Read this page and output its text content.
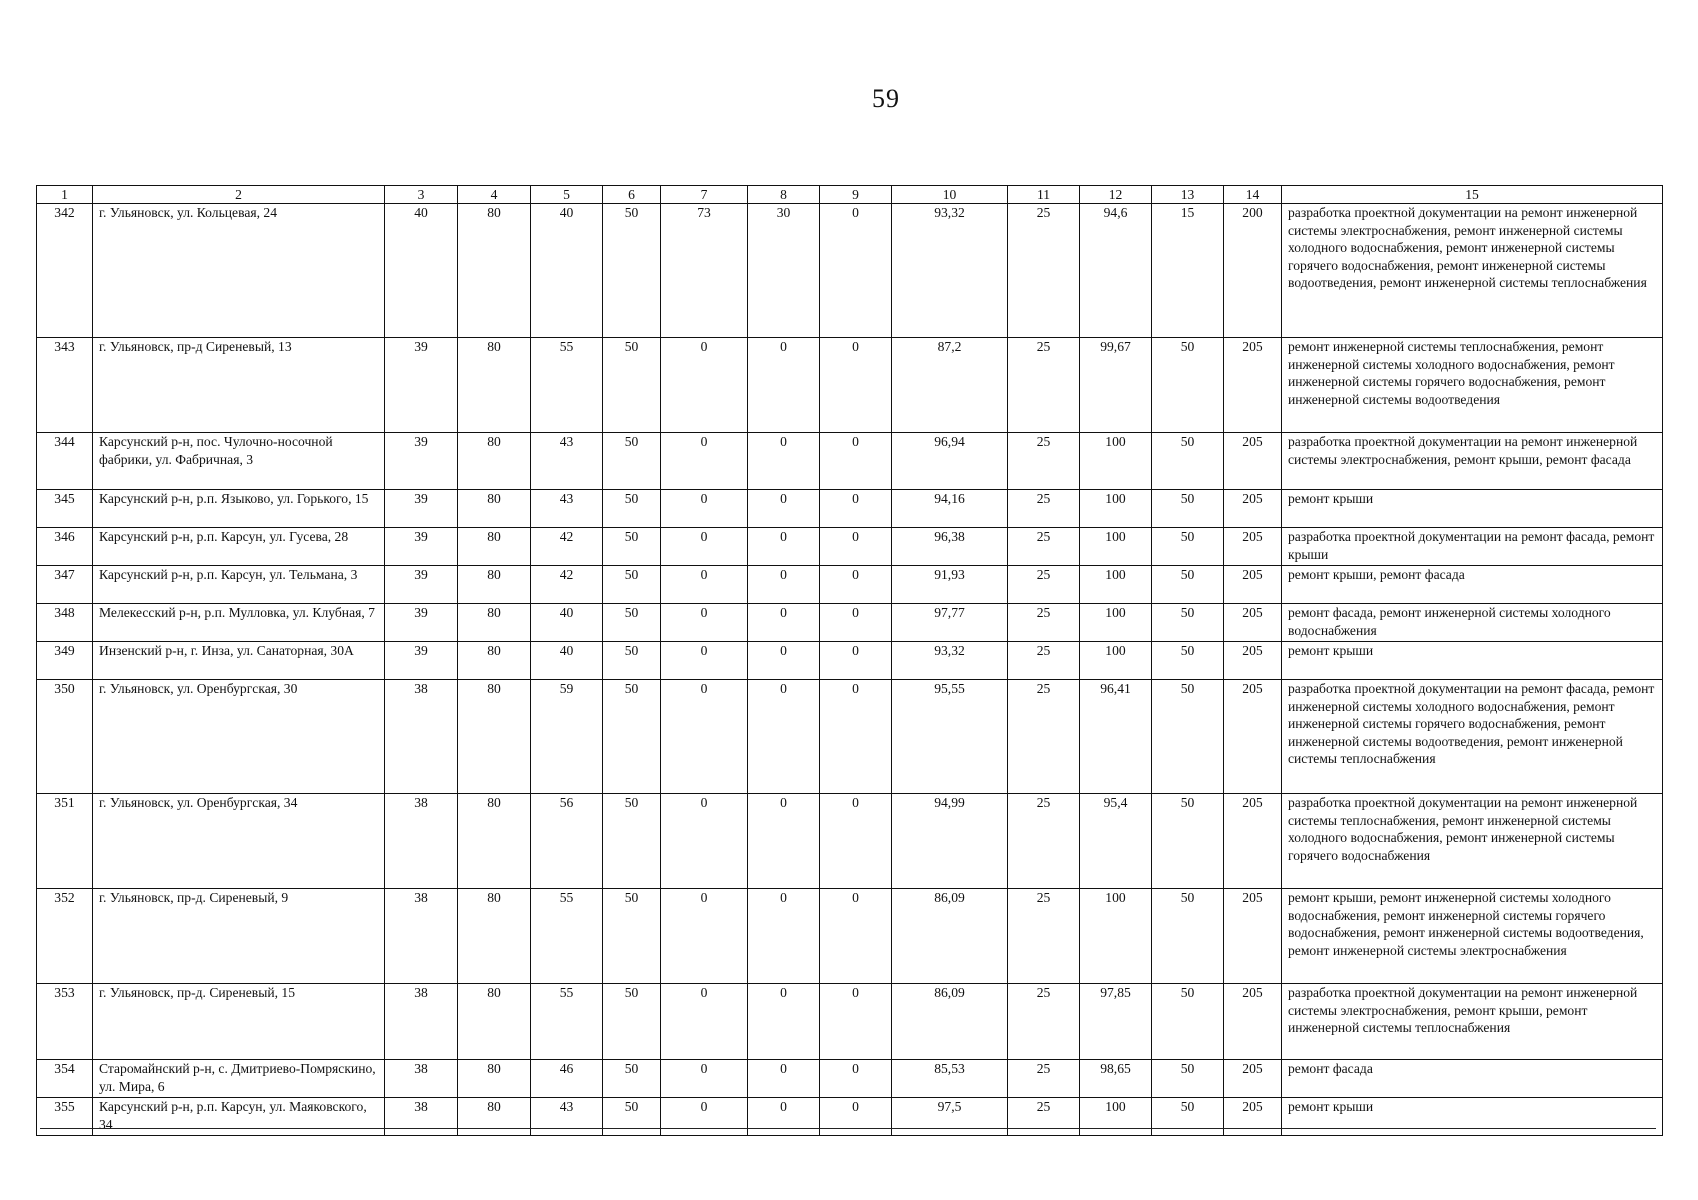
59
1	2	3	4	5	6	7	8	9	10	11	12	13	14	15
342	г. Ульяновск, ул. Кольцевая, 24	40	80	40	50	73	30	0	93,32	25	94,6	15	200	разработка проектной документации на ремонт инженерной системы электроснабжения, ремонт инженерной системы холодного водоснабжения, ремонт инженерной системы горячего водоснабжения, ремонт инженерной системы водоотведения, ремонт инженерной системы теплоснабжения
343	г. Ульяновск, пр-д Сиреневый, 13	39	80	55	50	0	0	0	87,2	25	99,67	50	205	ремонт инженерной системы теплоснабжения, ремонт инженерной системы холодного водоснабжения, ремонт инженерной системы горячего водоснабжения, ремонт инженерной системы водоотведения
344	Карсунский р-н, пос. Чулочно-носочной фабрики, ул. Фабричная, 3	39	80	43	50	0	0	0	96,94	25	100	50	205	разработка проектной документации на ремонт инженерной системы электроснабжения, ремонт крыши, ремонт фасада
345	Карсунский р-н, р.п. Языково, ул. Горького, 15	39	80	43	50	0	0	0	94,16	25	100	50	205	ремонт крыши
346	Карсунский р-н, р.п. Карсун, ул. Гусева, 28	39	80	42	50	0	0	0	96,38	25	100	50	205	разработка проектной документации на ремонт фасада, ремонт крыши
347	Карсунский р-н, р.п. Карсун, ул. Тельмана, 3	39	80	42	50	0	0	0	91,93	25	100	50	205	ремонт крыши, ремонт фасада
348	Мелекесский р-н, р.п. Мулловка, ул. Клубная, 7	39	80	40	50	0	0	0	97,77	25	100	50	205	ремонт фасада, ремонт инженерной системы холодного водоснабжения
349	Инзенский р-н, г. Инза, ул. Санаторная, 30А	39	80	40	50	0	0	0	93,32	25	100	50	205	ремонт крыши
350	г. Ульяновск, ул. Оренбургская, 30	38	80	59	50	0	0	0	95,55	25	96,41	50	205	разработка проектной документации на ремонт фасада, ремонт инженерной системы холодного водоснабжения, ремонт инженерной системы горячего водоснабжения, ремонт инженерной системы водоотведения, ремонт инженерной системы теплоснабжения
351	г. Ульяновск, ул. Оренбургская, 34	38	80	56	50	0	0	0	94,99	25	95,4	50	205	разработка проектной документации на ремонт инженерной системы теплоснабжения, ремонт инженерной системы холодного водоснабжения, ремонт инженерной системы горячего водоснабжения
352	г. Ульяновск, пр-д. Сиреневый, 9	38	80	55	50	0	0	0	86,09	25	100	50	205	ремонт крыши, ремонт инженерной системы холодного водоснабжения, ремонт инженерной системы горячего водоснабжения, ремонт инженерной системы водоотведения, ремонт инженерной системы электроснабжения
353	г. Ульяновск, пр-д. Сиреневый, 15	38	80	55	50	0	0	0	86,09	25	97,85	50	205	разработка проектной документации на ремонт инженерной системы электроснабжения, ремонт крыши, ремонт инженерной системы теплоснабжения
354	Старомайнский р-н, с. Дмитриево-Помряскино, ул. Мира, 6	38	80	46	50	0	0	0	85,53	25	98,65	50	205	ремонт фасада
355	Карсунский р-н, р.п. Карсун, ул. Маяковского, 34	38	80	43	50	0	0	0	97,5	25	100	50	205	ремонт крыши
